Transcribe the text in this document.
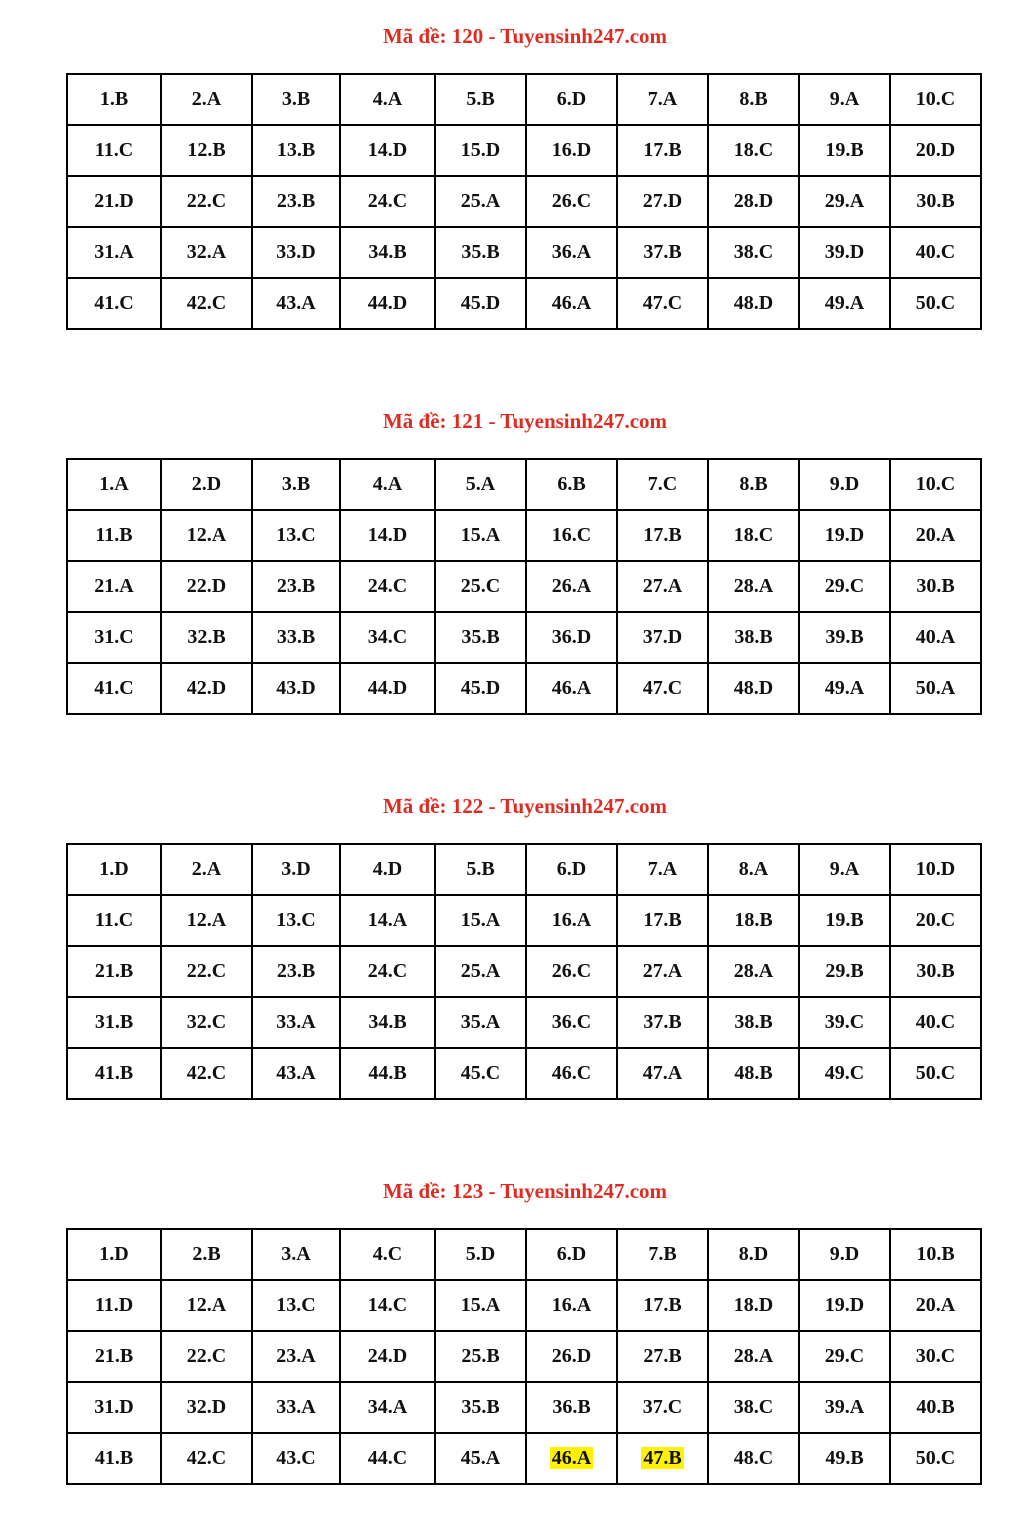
Mã đề: 120 - Tuyensinh247.com
1.B	2.A	3.B	4.A	5.B	6.D	7.A	8.B	9.A	10.C
11.C	12.B	13.B	14.D	15.D	16.D	17.B	18.C	19.B	20.D
21.D	22.C	23.B	24.C	25.A	26.C	27.D	28.D	29.A	30.B
31.A	32.A	33.D	34.B	35.B	36.A	37.B	38.C	39.D	40.C
41.C	42.C	43.A	44.D	45.D	46.A	47.C	48.D	49.A	50.C
Mã đề: 121 - Tuyensinh247.com
1.A	2.D	3.B	4.A	5.A	6.B	7.C	8.B	9.D	10.C
11.B	12.A	13.C	14.D	15.A	16.C	17.B	18.C	19.D	20.A
21.A	22.D	23.B	24.C	25.C	26.A	27.A	28.A	29.C	30.B
31.C	32.B	33.B	34.C	35.B	36.D	37.D	38.B	39.B	40.A
41.C	42.D	43.D	44.D	45.D	46.A	47.C	48.D	49.A	50.A
Mã đề: 122 - Tuyensinh247.com
1.D	2.A	3.D	4.D	5.B	6.D	7.A	8.A	9.A	10.D
11.C	12.A	13.C	14.A	15.A	16.A	17.B	18.B	19.B	20.C
21.B	22.C	23.B	24.C	25.A	26.C	27.A	28.A	29.B	30.B
31.B	32.C	33.A	34.B	35.A	36.C	37.B	38.B	39.C	40.C
41.B	42.C	43.A	44.B	45.C	46.C	47.A	48.B	49.C	50.C
Mã đề: 123 - Tuyensinh247.com
1.D	2.B	3.A	4.C	5.D	6.D	7.B	8.D	9.D	10.B
11.D	12.A	13.C	14.C	15.A	16.A	17.B	18.D	19.D	20.A
21.B	22.C	23.A	24.D	25.B	26.D	27.B	28.A	29.C	30.C
31.D	32.D	33.A	34.A	35.B	36.B	37.C	38.C	39.A	40.B
41.B	42.C	43.C	44.C	45.A	46.A	47.B	48.C	49.B	50.C
